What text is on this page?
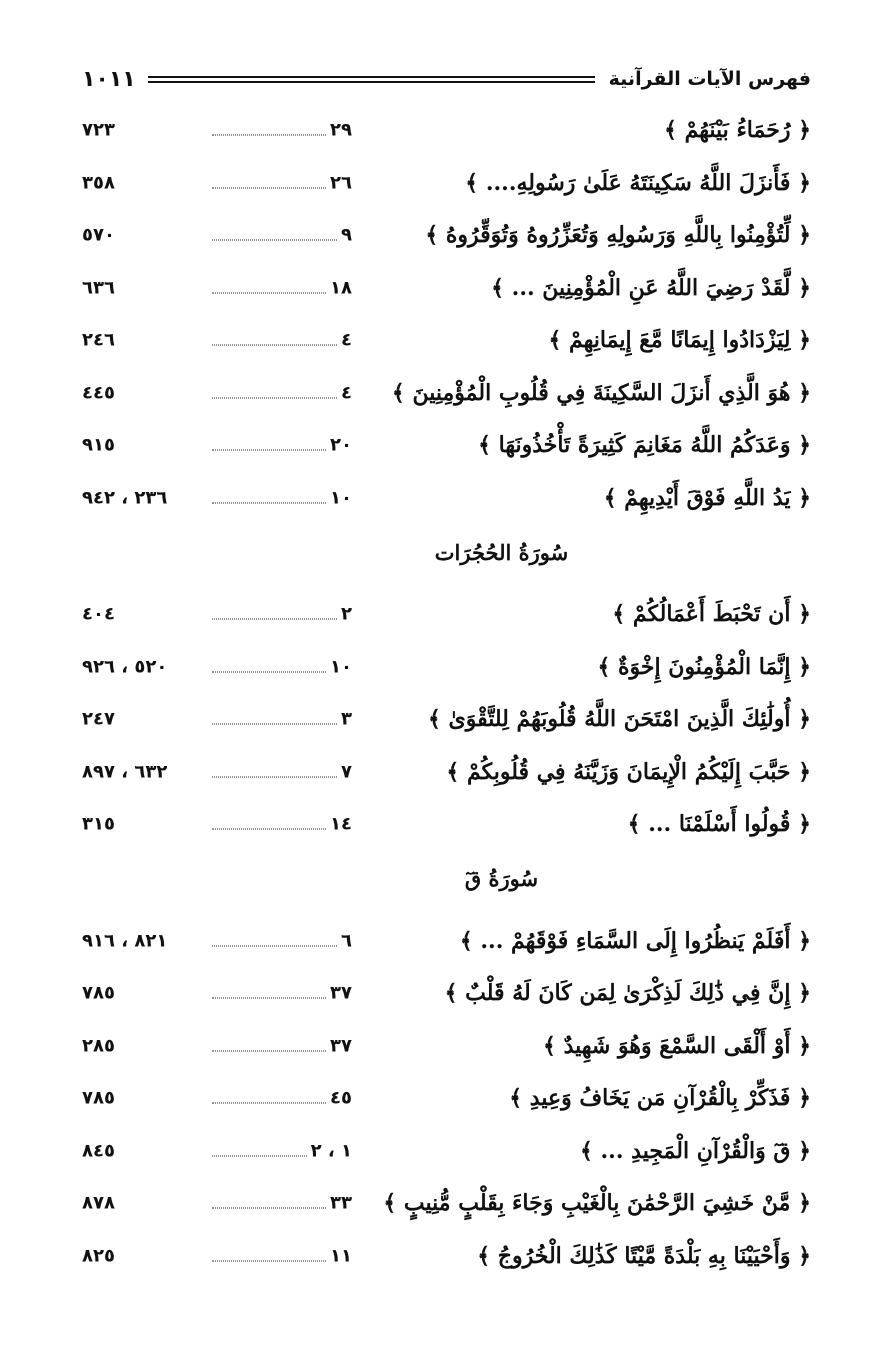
فهرس الآيات القرآنية
١٠١١
﴿ رُحَمَاءُ بَيْنَهُمْ ﴾
٢٩
٧٢٣
﴿ فَأَنزَلَ اللَّهُ سَكِينَتَهُ عَلَىٰ رَسُولِهِ.... ﴾
٢٦
٣٥٨
﴿ لِّتُؤْمِنُوا بِاللَّهِ وَرَسُولِهِ وَتُعَزِّرُوهُ وَتُوَقِّرُوهُ ﴾
٩
٥٧٠
﴿ لَّقَدْ رَضِيَ اللَّهُ عَنِ الْمُؤْمِنِينَ ... ﴾
١٨
٦٣٦
﴿ لِيَزْدَادُوا إِيمَانًا مَّعَ إِيمَانِهِمْ ﴾
٤
٢٤٦
﴿ هُوَ الَّذِي أَنزَلَ السَّكِينَةَ فِي قُلُوبِ الْمُؤْمِنِينَ ﴾
٤
٤٤٥
﴿ وَعَدَكُمُ اللَّهُ مَغَانِمَ كَثِيرَةً تَأْخُذُونَهَا ﴾
٢٠
٩١٥
﴿ يَدُ اللَّهِ فَوْقَ أَيْدِيهِمْ ﴾
١٠
٢٣٦ ، ٩٤٢
سُورَةُ الحُجُرَات
﴿ أَن تَحْبَطَ أَعْمَالُكُمْ ﴾
٢
٤٠٤
﴿ إِنَّمَا الْمُؤْمِنُونَ إِخْوَةٌ ﴾
١٠
٥٢٠ ، ٩٢٦
﴿ أُولَٰئِكَ الَّذِينَ امْتَحَنَ اللَّهُ قُلُوبَهُمْ لِلتَّقْوَىٰ ﴾
٣
٢٤٧
﴿ حَبَّبَ إِلَيْكُمُ الْإِيمَانَ وَزَيَّنَهُ فِي قُلُوبِكُمْ ﴾
٧
٦٣٢ ، ٨٩٧
﴿ قُولُوا أَسْلَمْنَا ... ﴾
١٤
٣١٥
سُورَةُ قٓ
﴿ أَفَلَمْ يَنظُرُوا إِلَى السَّمَاءِ فَوْقَهُمْ ... ﴾
٦
٨٢١ ، ٩١٦
﴿ إِنَّ فِي ذَٰلِكَ لَذِكْرَىٰ لِمَن كَانَ لَهُ قَلْبٌ ﴾
٣٧
٧٨٥
﴿ أَوْ أَلْقَى السَّمْعَ وَهُوَ شَهِيدٌ ﴾
٣٧
٢٨٥
﴿ فَذَكِّرْ بِالْقُرْآنِ مَن يَخَافُ وَعِيدِ ﴾
٤٥
٧٨٥
﴿ قٓ وَالْقُرْآنِ الْمَجِيدِ ... ﴾
١ ، ٢
٨٤٥
﴿ مَّنْ خَشِيَ الرَّحْمَٰنَ بِالْغَيْبِ وَجَاءَ بِقَلْبٍ مُّنِيبٍ ﴾
٣٣
٨٧٨
﴿ وَأَحْيَيْنَا بِهِ بَلْدَةً مَّيْتًا كَذَٰلِكَ الْخُرُوجُ ﴾
١١
٨٢٥
